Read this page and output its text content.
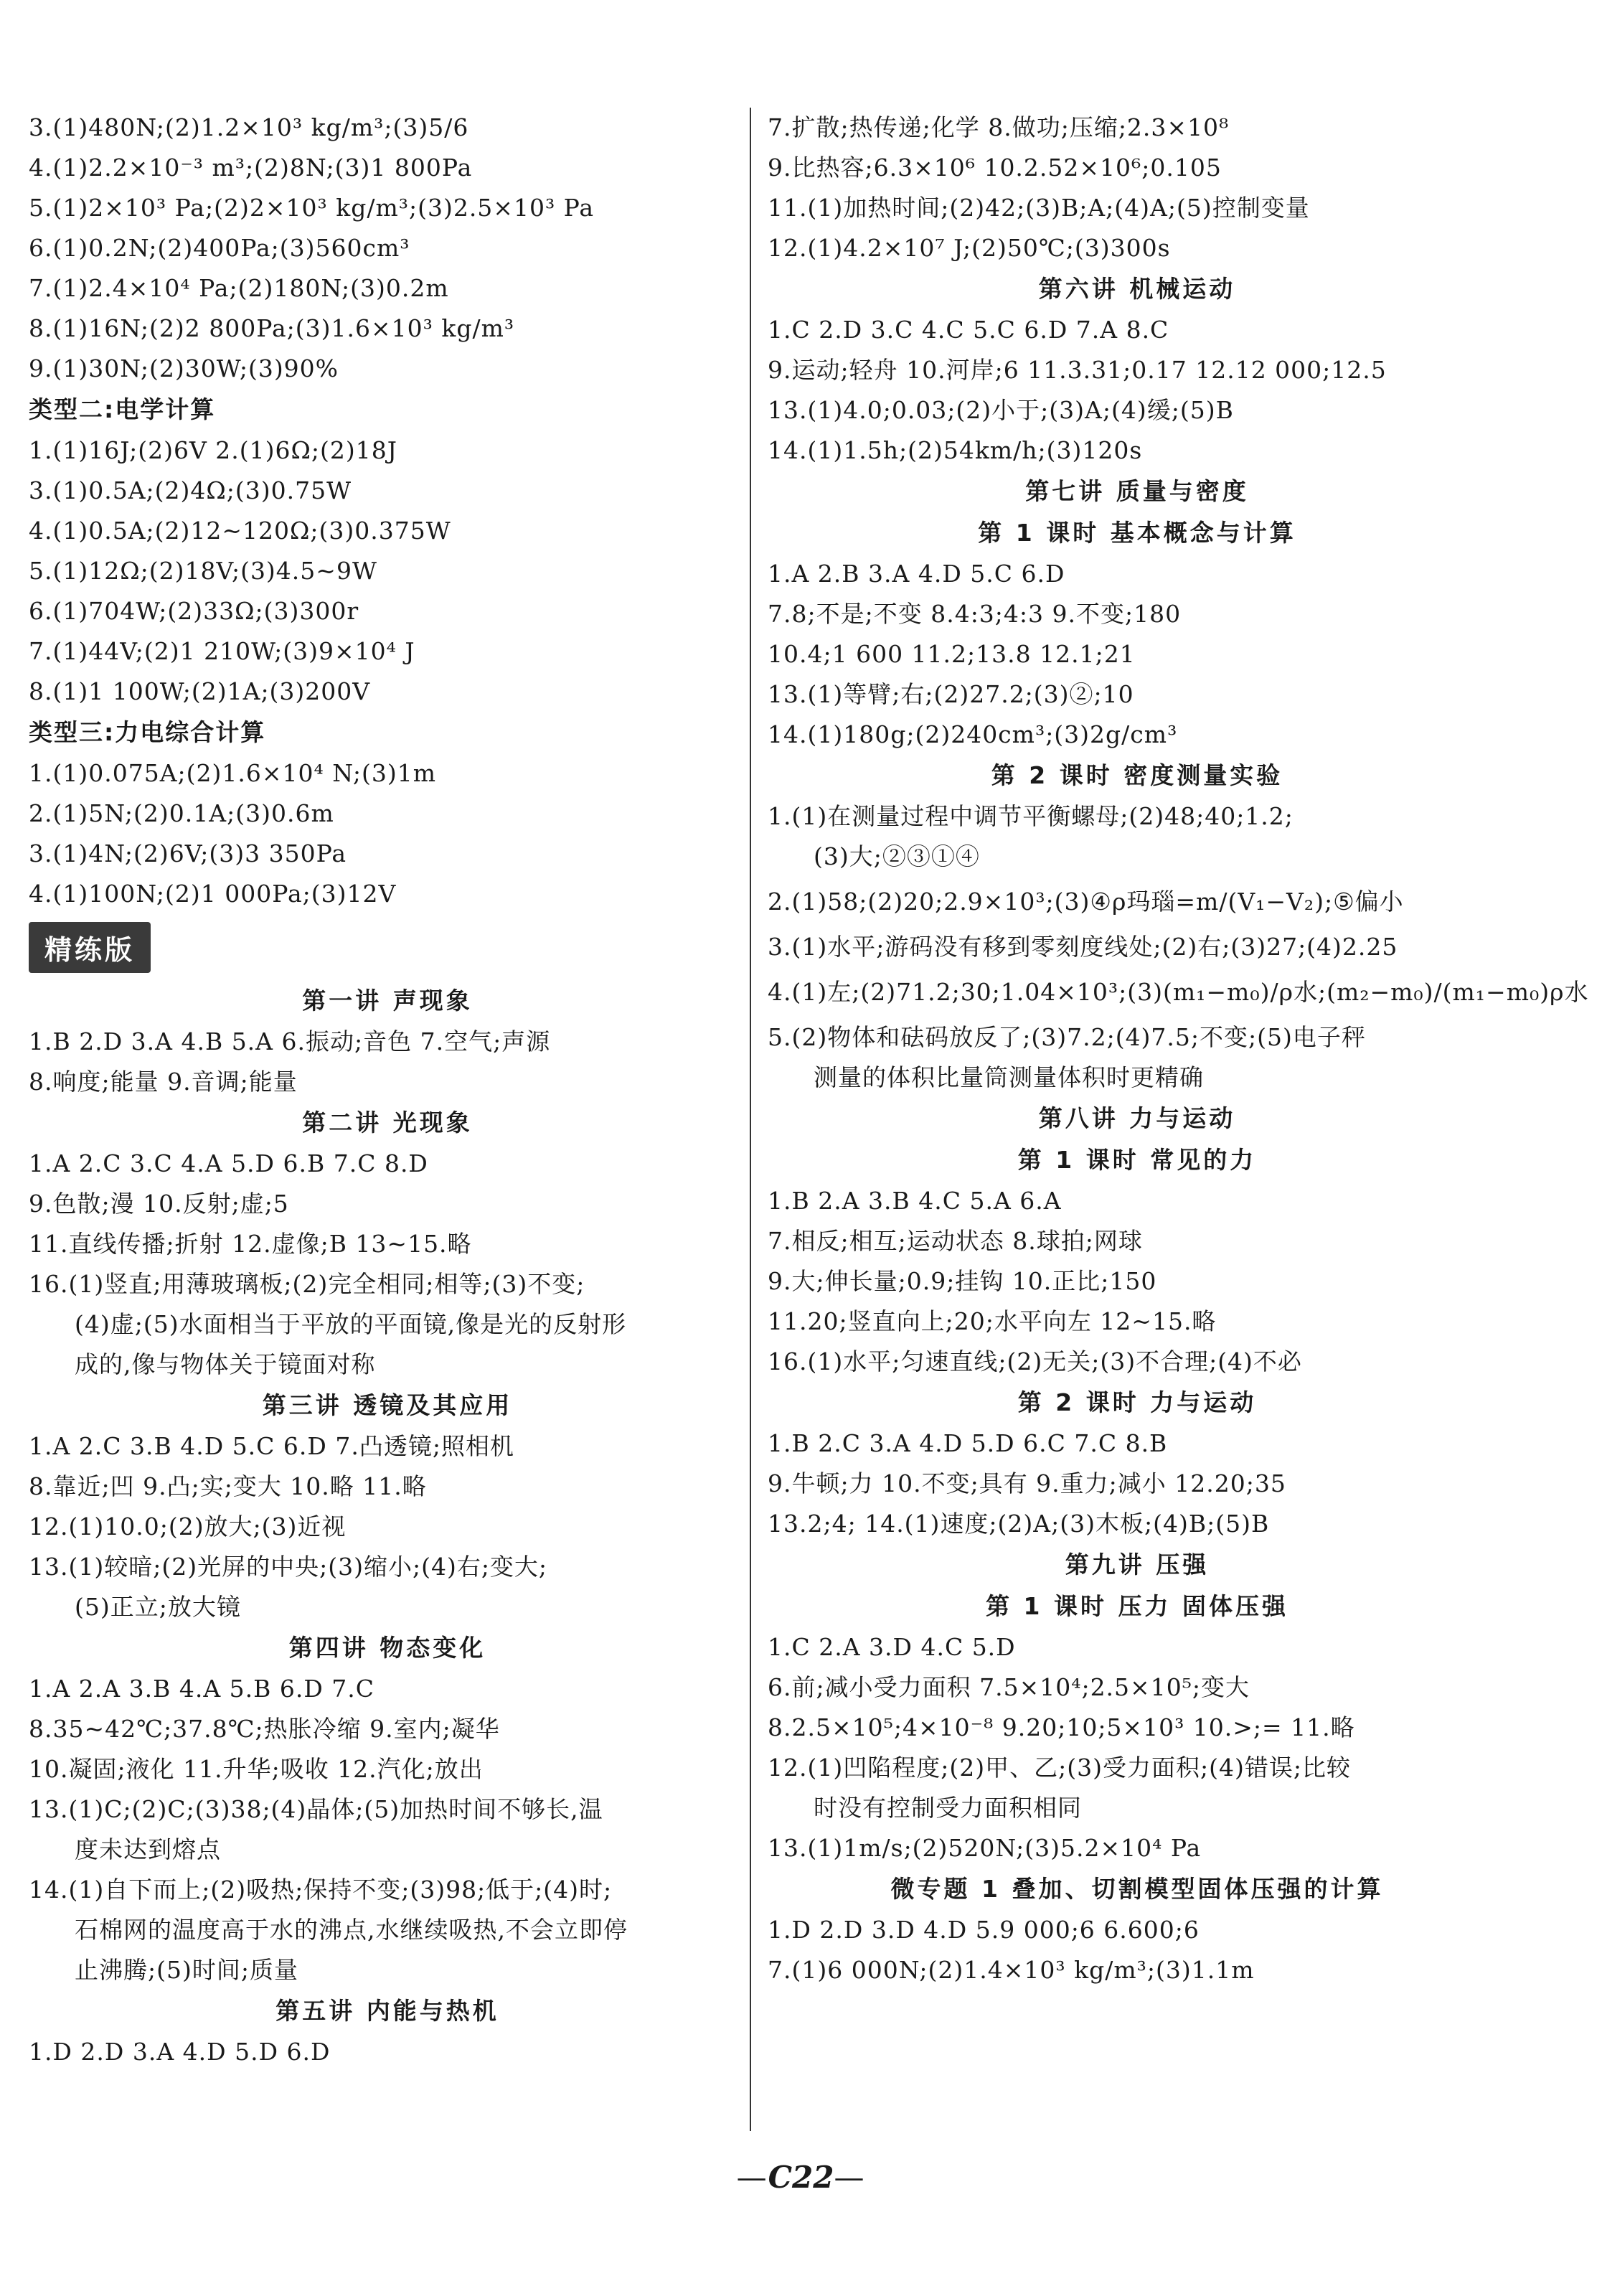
3.(1)480N;(2)1.2×10³ kg/m³;(3)5/6
4.(1)2.2×10⁻³ m³;(2)8N;(3)1 800Pa
5.(1)2×10³ Pa;(2)2×10³ kg/m³;(3)2.5×10³ Pa
6.(1)0.2N;(2)400Pa;(3)560cm³
7.(1)2.4×10⁴ Pa;(2)180N;(3)0.2m
8.(1)16N;(2)2 800Pa;(3)1.6×10³ kg/m³
9.(1)30N;(2)30W;(3)90%
类型二:电学计算
1.(1)16J;(2)6V 2.(1)6Ω;(2)18J
3.(1)0.5A;(2)4Ω;(3)0.75W
4.(1)0.5A;(2)12~120Ω;(3)0.375W
5.(1)12Ω;(2)18V;(3)4.5~9W
6.(1)704W;(2)33Ω;(3)300r
7.(1)44V;(2)1 210W;(3)9×10⁴ J
8.(1)1 100W;(2)1A;(3)200V
类型三:力电综合计算
1.(1)0.075A;(2)1.6×10⁴ N;(3)1m
2.(1)5N;(2)0.1A;(3)0.6m
3.(1)4N;(2)6V;(3)3 350Pa
4.(1)100N;(2)1 000Pa;(3)12V
精练版
第一讲 声现象
1.B 2.D 3.A 4.B 5.A 6.振动;音色 7.空气;声源
8.响度;能量 9.音调;能量
第二讲 光现象
1.A 2.C 3.C 4.A 5.D 6.B 7.C 8.D
9.色散;漫 10.反射;虚;5
11.直线传播;折射 12.虚像;B 13~15.略
16.(1)竖直;用薄玻璃板;(2)完全相同;相等;(3)不变;
(4)虚;(5)水面相当于平放的平面镜,像是光的反射形
成的,像与物体关于镜面对称
第三讲 透镜及其应用
1.A 2.C 3.B 4.D 5.C 6.D 7.凸透镜;照相机
8.靠近;凹 9.凸;实;变大 10.略 11.略
12.(1)10.0;(2)放大;(3)近视
13.(1)较暗;(2)光屏的中央;(3)缩小;(4)右;变大;
(5)正立;放大镜
第四讲 物态变化
1.A 2.A 3.B 4.A 5.B 6.D 7.C
8.35~42℃;37.8℃;热胀冷缩 9.室内;凝华
10.凝固;液化 11.升华;吸收 12.汽化;放出
13.(1)C;(2)C;(3)38;(4)晶体;(5)加热时间不够长,温
度未达到熔点
14.(1)自下而上;(2)吸热;保持不变;(3)98;低于;(4)时;
石棉网的温度高于水的沸点,水继续吸热,不会立即停
止沸腾;(5)时间;质量
第五讲 内能与热机
1.D 2.D 3.A 4.D 5.D 6.D
7.扩散;热传递;化学 8.做功;压缩;2.3×10⁸
9.比热容;6.3×10⁶ 10.2.52×10⁶;0.105
11.(1)加热时间;(2)42;(3)B;A;(4)A;(5)控制变量
12.(1)4.2×10⁷ J;(2)50℃;(3)300s
第六讲 机械运动
1.C 2.D 3.C 4.C 5.C 6.D 7.A 8.C
9.运动;轻舟 10.河岸;6 11.3.31;0.17 12.12 000;12.5
13.(1)4.0;0.03;(2)小于;(3)A;(4)缓;(5)B
14.(1)1.5h;(2)54km/h;(3)120s
第七讲 质量与密度
第 1 课时 基本概念与计算
1.A 2.B 3.A 4.D 5.C 6.D
7.8;不是;不变 8.4:3;4:3 9.不变;180
10.4;1 600 11.2;13.8 12.1;21
13.(1)等臂;右;(2)27.2;(3)②;10
14.(1)180g;(2)240cm³;(3)2g/cm³
第 2 课时 密度测量实验
1.(1)在测量过程中调节平衡螺母;(2)48;40;1.2;
(3)大;②③①④
2.(1)58;(2)20;2.9×10³;(3)④ρ玛瑙=m/(V₁−V₂);⑤偏小
3.(1)水平;游码没有移到零刻度线处;(2)右;(3)27;(4)2.25
4.(1)左;(2)71.2;30;1.04×10³;(3)(m₁−m₀)/ρ水;(m₂−m₀)/(m₁−m₀)ρ水
5.(2)物体和砝码放反了;(3)7.2;(4)7.5;不变;(5)电子秤
测量的体积比量筒测量体积时更精确
第八讲 力与运动
第 1 课时 常见的力
1.B 2.A 3.B 4.C 5.A 6.A
7.相反;相互;运动状态 8.球拍;网球
9.大;伸长量;0.9;挂钩 10.正比;150
11.20;竖直向上;20;水平向左 12~15.略
16.(1)水平;匀速直线;(2)无关;(3)不合理;(4)不必
第 2 课时 力与运动
1.B 2.C 3.A 4.D 5.D 6.C 7.C 8.B
9.牛顿;力 10.不变;具有 9.重力;减小 12.20;35
13.2;4; 14.(1)速度;(2)A;(3)木板;(4)B;(5)B
第九讲 压强
第 1 课时 压力 固体压强
1.C 2.A 3.D 4.C 5.D
6.前;减小受力面积 7.5×10⁴;2.5×10⁵;变大
8.2.5×10⁵;4×10⁻⁸ 9.20;10;5×10³ 10.>;= 11.略
12.(1)凹陷程度;(2)甲、乙;(3)受力面积;(4)错误;比较
时没有控制受力面积相同
13.(1)1m/s;(2)520N;(3)5.2×10⁴ Pa
微专题 1 叠加、切割模型固体压强的计算
1.D 2.D 3.D 4.D 5.9 000;6 6.600;6
7.(1)6 000N;(2)1.4×10³ kg/m³;(3)1.1m
—C22—
